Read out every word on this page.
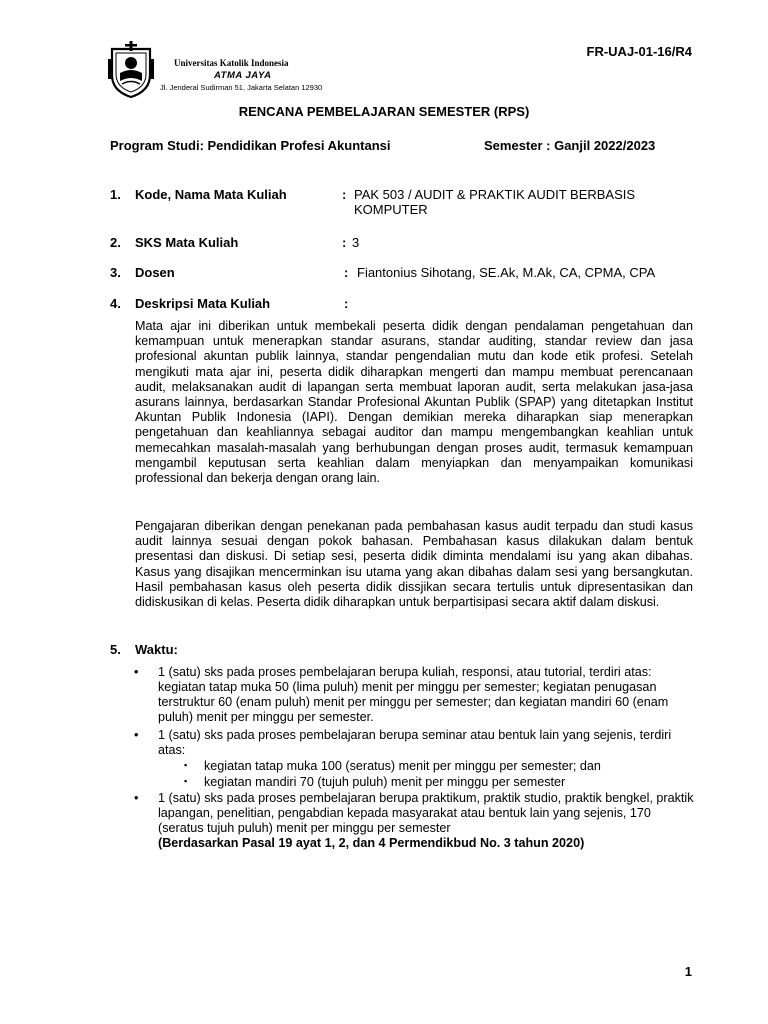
FR-UAJ-01-16/R4
Universitas Katolik Indonesia
ATMA JAYA
Jl. Jenderal Sudirman 51, Jakarta Selatan 12930
RENCANA PEMBELAJARAN SEMESTER (RPS)
Program Studi: Pendidikan Profesi Akuntansi	Semester : Ganjil 2022/2023
1. Kode, Nama Mata Kuliah	: PAK 503 / AUDIT & PRAKTIK AUDIT BERBASIS KOMPUTER
2. SKS Mata Kuliah	: 3
3. Dosen	: Fiantonius Sihotang, SE.Ak, M.Ak, CA, CPMA, CPA
4. Deskripsi Mata Kuliah	:
Mata ajar ini diberikan untuk membekali peserta didik dengan pendalaman pengetahuan dan kemampuan untuk menerapkan standar asurans, standar auditing, standar review dan jasa profesional akuntan publik lainnya, standar pengendalian mutu dan kode etik profesi. Setelah mengikuti mata ajar ini, peserta didik diharapkan mengerti dan mampu membuat perencanaan audit, melaksanakan audit di lapangan serta membuat laporan audit, serta melakukan jasa-jasa asurans lainnya, berdasarkan Standar Profesional Akuntan Publik (SPAP) yang ditetapkan Institut Akuntan Publik Indonesia (IAPI). Dengan demikian mereka diharapkan siap menerapkan pengetahuan dan keahliannya sebagai auditor dan mampu mengembangkan keahlian untuk memecahkan masalah-masalah yang berhubungan dengan proses audit, termasuk kemampuan mengambil keputusan serta keahlian dalam menyiapkan dan menyampaikan komunikasi professional dan bekerja dengan orang lain.
Pengajaran diberikan dengan penekanan pada pembahasan kasus audit terpadu dan studi kasus audit lainnya sesuai dengan pokok bahasan. Pembahasan kasus dilakukan dalam bentuk presentasi dan diskusi. Di setiap sesi, peserta didik diminta mendalami isu yang akan dibahas. Kasus yang disajikan mencerminkan isu utama yang akan dibahas dalam sesi yang bersangkutan. Hasil pembahasan kasus oleh peserta didik dissjikan secara tertulis untuk dipresentasikan dan didiskusikan di kelas. Peserta didik diharapkan untuk berpartisipasi secara aktif dalam diskusi.
5. Waktu:
• 1 (satu) sks pada proses pembelajaran berupa kuliah, responsi, atau tutorial, terdiri atas: kegiatan tatap muka 50 (lima puluh) menit per minggu per semester; kegiatan penugasan terstruktur 60 (enam puluh) menit per minggu per semester; dan kegiatan mandiri 60 (enam puluh) menit per minggu per semester.
• 1 (satu) sks pada proses pembelajaran berupa seminar atau bentuk lain yang sejenis, terdiri atas:
▪ kegiatan tatap muka 100 (seratus) menit per minggu per semester; dan
▪ kegiatan mandiri 70 (tujuh puluh) menit per minggu per semester
• 1 (satu) sks pada proses pembelajaran berupa praktikum, praktik studio, praktik bengkel, praktik lapangan, penelitian, pengabdian kepada masyarakat atau bentuk lain yang sejenis, 170 (seratus tujuh puluh) menit per minggu per semester
(Berdasarkan Pasal 19 ayat 1, 2, dan 4 Permendikbud No. 3 tahun 2020)
1
